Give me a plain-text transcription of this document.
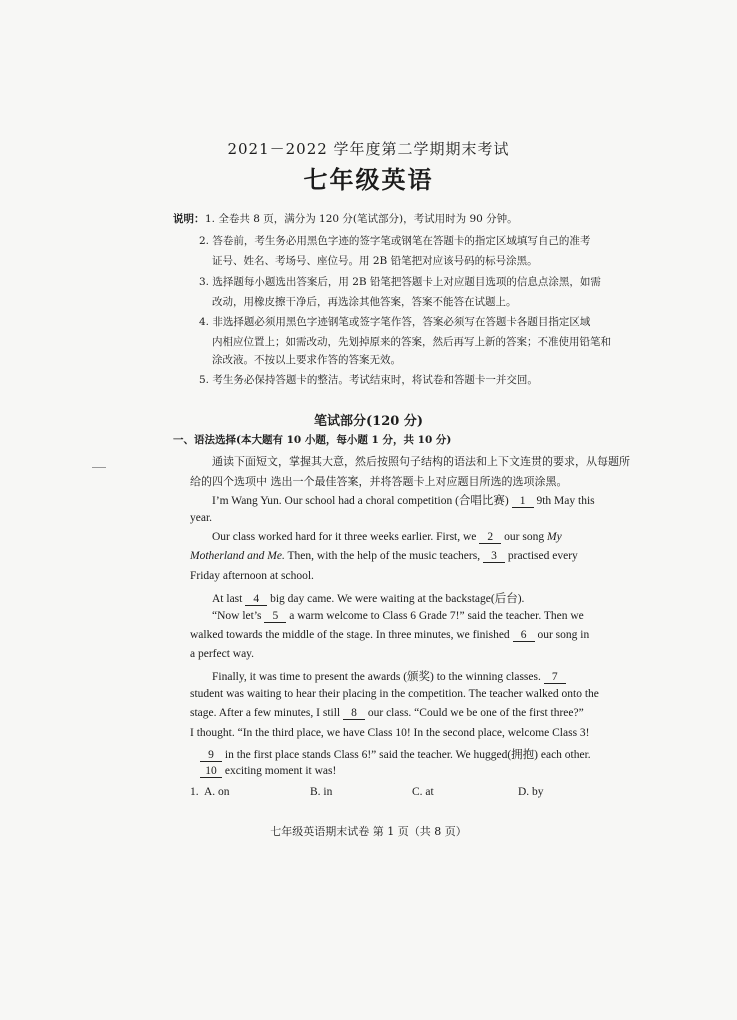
2021－2022 学年度第二学期期末考试
七年级英语
说明： 1. 全卷共 8 页，满分为 120 分(笔试部分)，考试用时为 90 分钟。
2. 答卷前，考生务必用黑色字迹的签字笔或钢笔在答题卡的指定区域填写自己的准考
证号、姓名、考场号、座位号。用 2B 铅笔把对应该号码的标号涂黑。
3. 选择题每小题选出答案后，用 2B 铅笔把答题卡上对应题目选项的信息点涂黑，如需
改动，用橡皮擦干净后，再选涂其他答案，答案不能答在试题上。
4. 非选择题必须用黑色字迹钢笔或签字笔作答，答案必须写在答题卡各题目指定区域
内相应位置上；如需改动，先划掉原来的答案，然后再写上新的答案；不准使用铅笔和
涂改液。不按以上要求作答的答案无效。
5. 考生务必保持答题卡的整洁。考试结束时，将试卷和答题卡一并交回。
笔试部分(120 分)
一、语法选择(本大题有 10 小题，每小题 1 分，共 10 分)
通读下面短文，掌握其大意，然后按照句子结构的语法和上下文连贯的要求，从每题所
给的四个选项中 选出一个最佳答案，并将答题卡上对应题目所选的选项涂黑。
I’m Wang Yun. Our school had a choral competition (合唱比赛) 1 9th May this
year.
Our class worked hard for it three weeks earlier. First, we 2 our song My
Motherland and Me. Then, with the help of the music teachers, 3 practised every
Friday afternoon at school.
At last 4 big day came. We were waiting at the backstage(后台).
“Now let’s 5 a warm welcome to Class 6 Grade 7!” said the teacher. Then we
walked towards the middle of the stage. In three minutes, we finished 6 our song in
a perfect way.
Finally, it was time to present the awards (颁奖) to the winning classes. 7
student was waiting to hear their placing in the competition. The teacher walked onto the
stage. After a few minutes, I still 8 our class. “Could we be one of the first three?”
I thought. “In the third place, we have Class 10! In the second place, welcome Class 3!
9 in the first place stands Class 6!” said the teacher. We hugged(拥抱) each other.
10 exciting moment it was!
1. A. on	B. in	C. at	D. by
七年级英语期末试卷 第 1 页（共 8 页）
